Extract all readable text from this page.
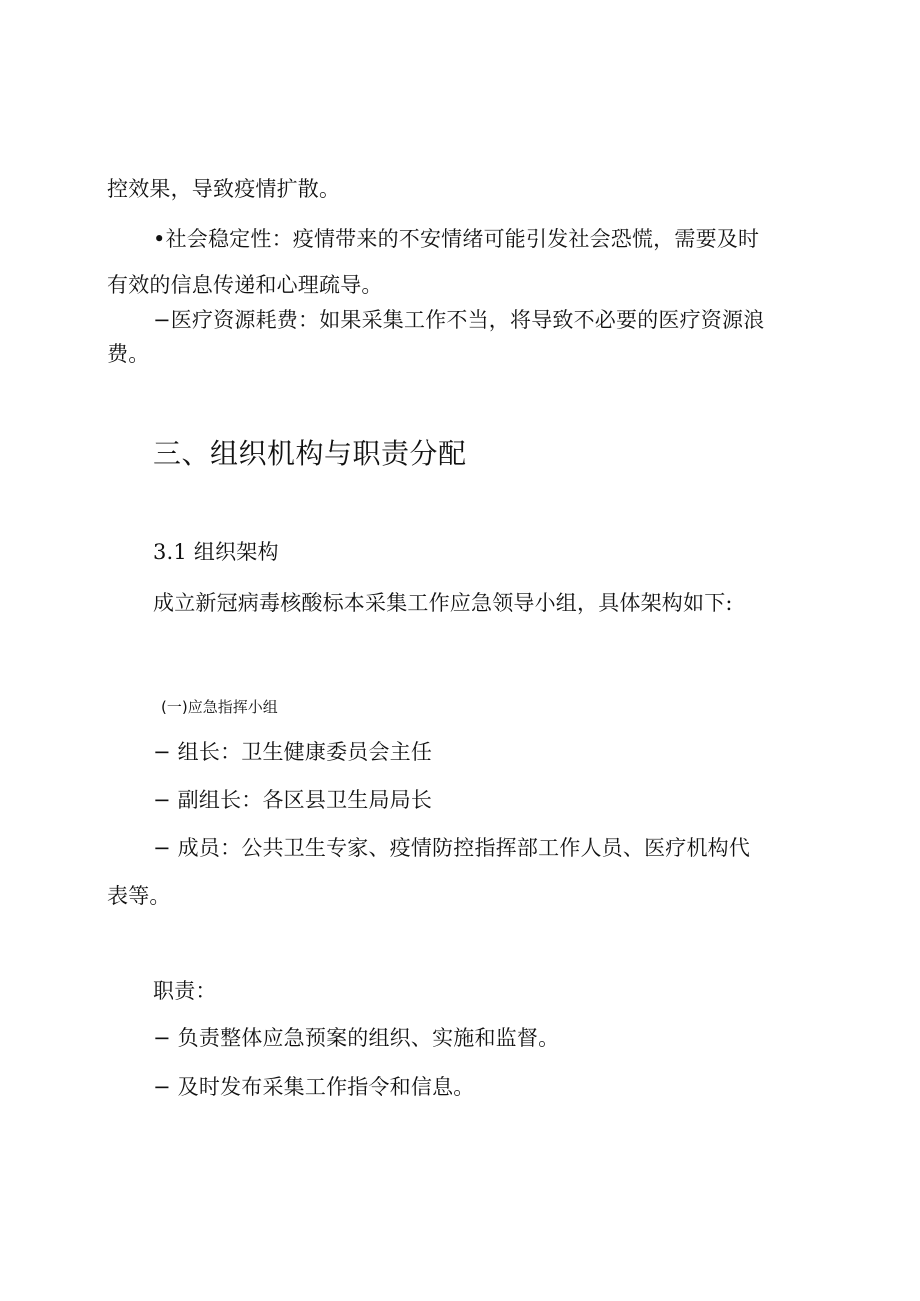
控效果，导致疫情扩散。
•社会稳定性：疫情带来的不安情绪可能引发社会恐慌，需要及时
有效的信息传递和心理疏导。
−医疗资源耗费：如果采集工作不当，将导致不必要的医疗资源浪
费。
三、组织机构与职责分配
3.1 组织架构
成立新冠病毒核酸标本采集工作应急领导小组，具体架构如下:
(一)应急指挥小组
− 组长：卫生健康委员会主任
− 副组长：各区县卫生局局长
− 成员：公共卫生专家、疫情防控指挥部工作人员、医疗机构代
表等。
职责：
− 负责整体应急预案的组织、实施和监督。
− 及时发布采集工作指令和信息。
